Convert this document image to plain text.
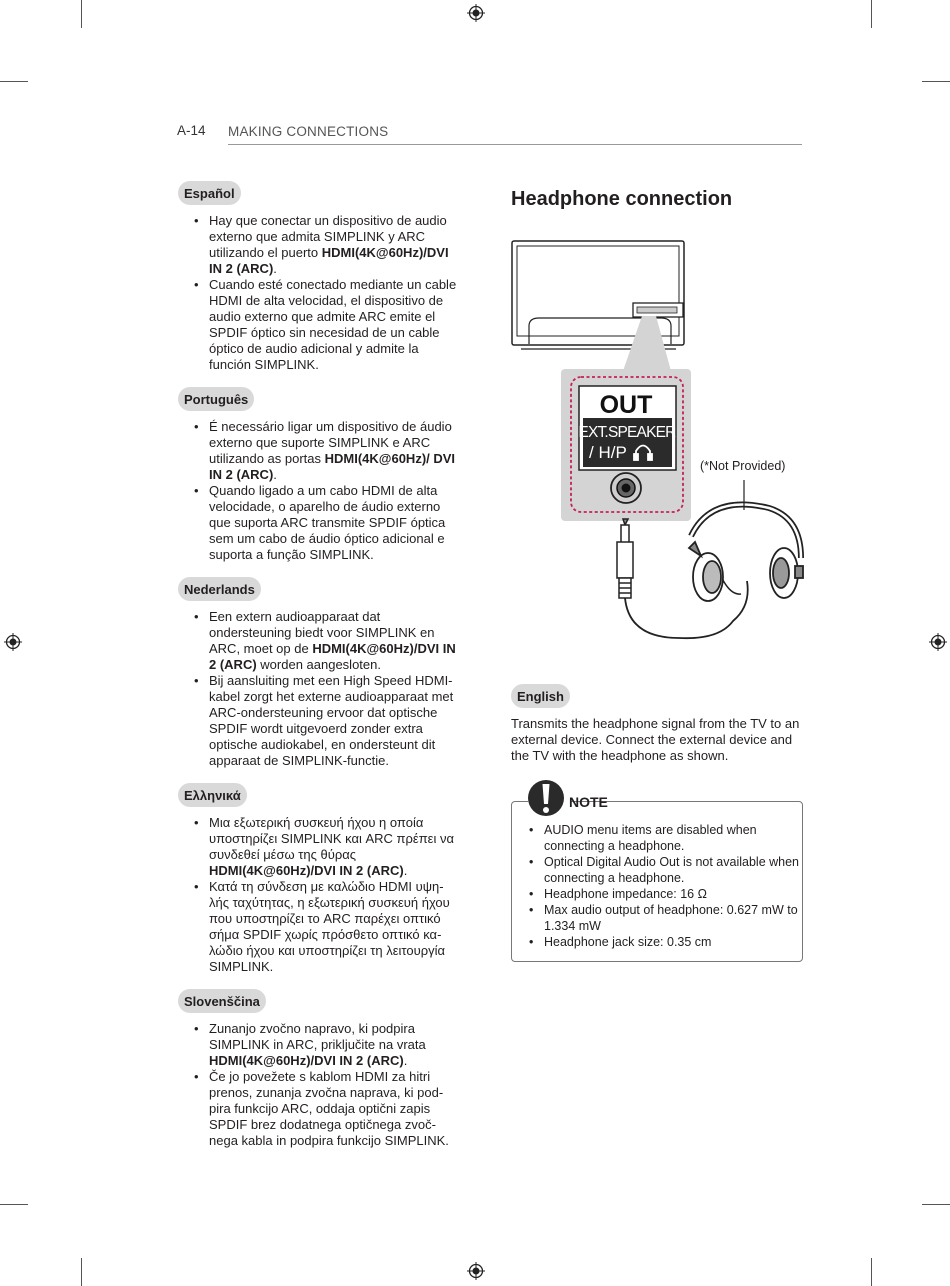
A-14 MAKING CONNECTIONS
Español
• Hay que conectar un dispositivo de audio externo que admita SIMPLINK y ARC utilizando el puerto HDMI(4K@60Hz)/DVI IN 2 (ARC).
• Cuando esté conectado mediante un cable HDMI de alta velocidad, el dispositivo de audio externo que admite ARC emite el SPDIF óptico sin necesidad de un cable óptico de audio adicional y admite la función SIMPLINK.
Português
• É necessário ligar um dispositivo de áudio externo que suporte SIMPLINK e ARC utilizando as portas HDMI(4K@60Hz)/ DVI IN 2 (ARC).
• Quando ligado a um cabo HDMI de alta velocidade, o aparelho de áudio externo que suporta ARC transmite SPDIF óptica sem um cabo de áudio óptico adicional e suporta a função SIMPLINK.
Nederlands
• Een extern audioapparaat dat ondersteuning biedt voor SIMPLINK en ARC, moet op de HDMI(4K@60Hz)/DVI IN 2 (ARC) worden aangesloten.
• Bij aansluiting met een High Speed HDMI-kabel zorgt het externe audioapparaat met ARC-ondersteuning ervoor dat optische SPDIF wordt uitgevoerd zonder extra optische audiokabel, en ondersteunt dit apparaat de SIMPLINK-functie.
Ελληνικά
• Μια εξωτερική συσκευή ήχου η οποία υποστηρίζει SIMPLINK και ARC πρέπει να συνδεθεί μέσω της θύρας HDMI(4K@60Hz)/DVI IN 2 (ARC).
• Κατά τη σύνδεση με καλώδιο HDMI υψη-λής ταχύτητας, η εξωτερική συσκευή ήχου που υποστηρίζει το ARC παρέχει οπτικό σήμα SPDIF χωρίς πρόσθετο οπτικό κα-λώδιο ήχου και υποστηρίζει τη λειτουργία SIMPLINK.
Slovenščina
• Zunanjo zvočno napravo, ki podpira SIMPLINK in ARC, priključite na vrata HDMI(4K@60Hz)/DVI IN 2 (ARC).
• Če jo povežete s kablom HDMI za hitri prenos, zunanja zvočna naprava, ki pod-pira funkcijo ARC, oddaja optični zapis SPDIF brez dodatnega optičnega zvoč-nega kabla in podpira funkcijo SIMPLINK.
Headphone connection
OUT
EXT.SPEAKER
/ H/P
(*Not Provided)
English

Transmits the headphone signal from the TV to an external device. Connect the external device and the TV with the headphone as shown.

NOTE
• AUDIO menu items are disabled when connecting a headphone.
• Optical Digital Audio Out is not available when connecting a headphone.
• Headphone impedance: 16 Ω
• Max audio output of headphone: 0.627 mW to 1.334 mW
• Headphone jack size: 0.35 cm
